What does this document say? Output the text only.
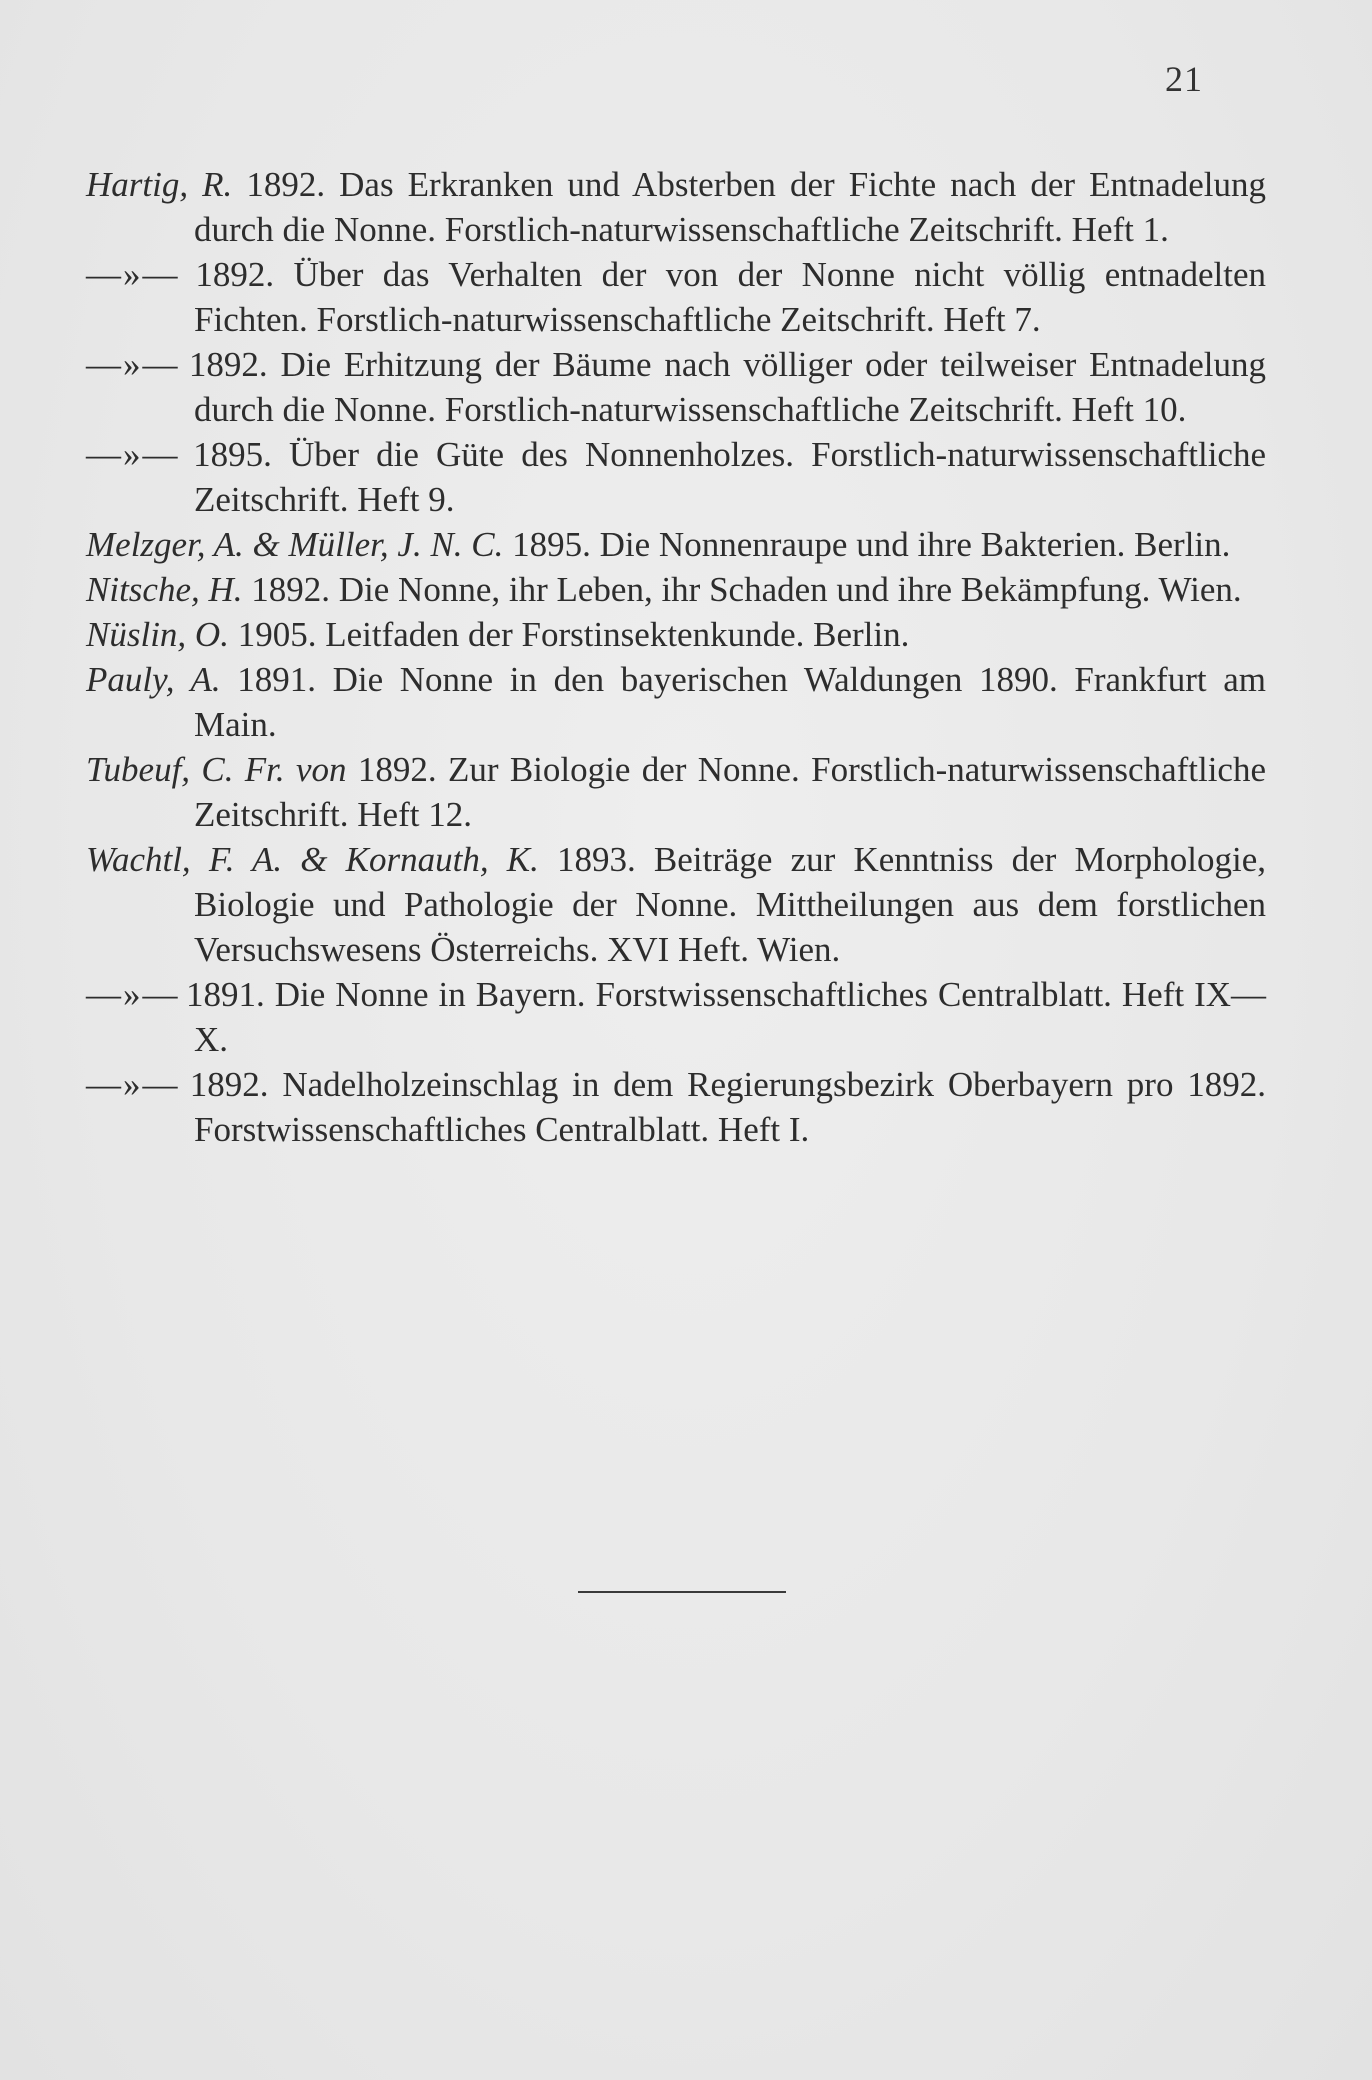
21

Hartig, R. 1892. Das Erkranken und Absterben der Fichte nach der Entnadelung durch die Nonne. Forstlich-naturwissenschaftliche Zeitschrift. Heft 1.

—»— 1892. Über das Verhalten der von der Nonne nicht völlig entnadelten Fichten. Forstlich-naturwissenschaftliche Zeitschrift. Heft 7.

—»— 1892. Die Erhitzung der Bäume nach völliger oder teilweiser Entnadelung durch die Nonne. Forstlich-naturwissenschaftliche Zeitschrift. Heft 10.

—»— 1895. Über die Güte des Nonnenholzes. Forstlich-naturwissenschaftliche Zeitschrift. Heft 9.

Melzger, A. & Müller, J. N. C. 1895. Die Nonnenraupe und ihre Bakterien. Berlin.

Nitsche, H. 1892. Die Nonne, ihr Leben, ihr Schaden und ihre Bekämpfung. Wien.

Nüslin, O. 1905. Leitfaden der Forstinsektenkunde. Berlin.

Pauly, A. 1891. Die Nonne in den bayerischen Waldungen 1890. Frankfurt am Main.

Tubeuf, C. Fr. von 1892. Zur Biologie der Nonne. Forstlich-naturwissenschaftliche Zeitschrift. Heft 12.

Wachtl, F. A. & Kornauth, K. 1893. Beiträge zur Kenntniss der Morphologie, Biologie und Pathologie der Nonne. Mittheilungen aus dem forstlichen Versuchswesens Österreichs. XVI Heft. Wien.

—»— 1891. Die Nonne in Bayern. Forstwissenschaftliches Centralblatt. Heft IX—X.

—»— 1892. Nadelholzeinschlag in dem Regierungsbezirk Oberbayern pro 1892. Forstwissenschaftliches Centralblatt. Heft I.
